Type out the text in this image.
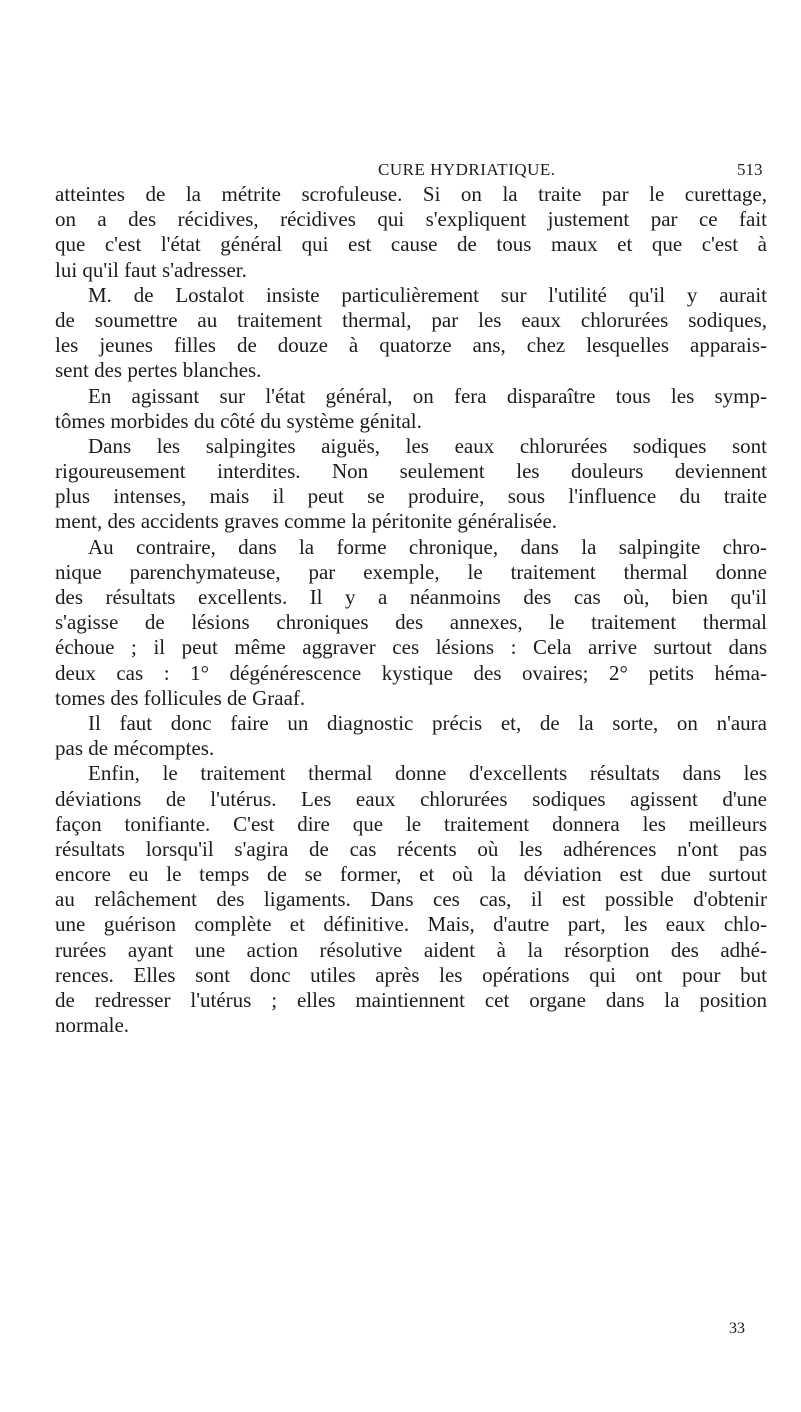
CURE HYDRIATIQUE.	513
atteintes de la métrite scrofuleuse. Si on la traite par le curettage,
on a des récidives, récidives qui s'expliquent justement par ce fait
que c'est l'état général qui est cause de tous maux et que c'est à
lui qu'il faut s'adresser.
M. de Lostalot insiste particulièrement sur l'utilité qu'il y aurait
de soumettre au traitement thermal, par les eaux chlorurées sodiques,
les jeunes filles de douze à quatorze ans, chez lesquelles apparais-
sent des pertes blanches.
En agissant sur l'état général, on fera disparaître tous les symp-
tômes morbides du côté du système génital.
Dans les salpingites aiguës, les eaux chlorurées sodiques sont
rigoureusement interdites. Non seulement les douleurs deviennent
plus intenses, mais il peut se produire, sous l'influence du traite
ment, des accidents graves comme la péritonite généralisée.
Au contraire, dans la forme chronique, dans la salpingite chro-
nique parenchymateuse, par exemple, le traitement thermal donne
des résultats excellents. Il y a néanmoins des cas où, bien qu'il
s'agisse de lésions chroniques des annexes, le traitement thermal
échoue ; il peut même aggraver ces lésions : Cela arrive surtout dans
deux cas : 1° dégénérescence kystique des ovaires; 2° petits héma-
tomes des follicules de Graaf.
Il faut donc faire un diagnostic précis et, de la sorte, on n'aura
pas de mécomptes.
Enfin, le traitement thermal donne d'excellents résultats dans les
déviations de l'utérus. Les eaux chlorurées sodiques agissent d'une
façon tonifiante. C'est dire que le traitement donnera les meilleurs
résultats lorsqu'il s'agira de cas récents où les adhérences n'ont pas
encore eu le temps de se former, et où la déviation est due surtout
au relâchement des ligaments. Dans ces cas, il est possible d'obtenir
une guérison complète et définitive. Mais, d'autre part, les eaux chlo-
rurées ayant une action résolutive aident à la résorption des adhé-
rences. Elles sont donc utiles après les opérations qui ont pour but
de redresser l'utérus ; elles maintiennent cet organe dans la position
normale.
33
